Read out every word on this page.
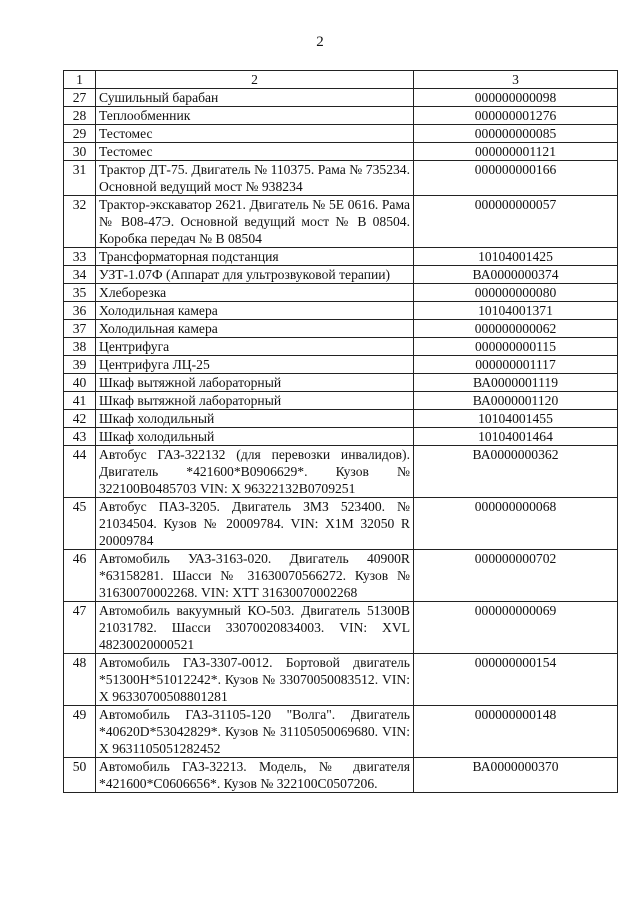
2
1	2	3
27	Сушильный барабан	000000000098
28	Теплообменник	000000001276
29	Тестомес	000000000085
30	Тестомес	000000001121
31	Трактор ДТ-75. Двигатель № 110375. Рама № 735234. Основной ведущий мост № 938234	000000000166
32	Трактор-экскаватор 2621. Двигатель № 5Е 0616. Рама № В08-47Э. Основной ведущий мост № В 08504. Коробка передач № В 08504	000000000057
33	Трансформаторная подстанция	10104001425
34	УЗТ-1.07Ф (Аппарат для ультрозвуковой терапии)	ВА0000000374
35	Хлеборезка	000000000080
36	Холодильная камера	10104001371
37	Холодильная камера	000000000062
38	Центрифуга	000000000115
39	Центрифуга ЛЦ-25	000000001117
40	Шкаф вытяжной лабораторный	ВА0000001119
41	Шкаф вытяжной лабораторный	ВА0000001120
42	Шкаф холодильный	10104001455
43	Шкаф холодильный	10104001464
44	Автобус ГАЗ-322132 (для перевозки инвалидов). Двигатель *421600*В0906629*. Кузов № 322100В0485703 VIN: Х 96322132В0709251	ВА0000000362
45	Автобус ПАЗ-3205. Двигатель ЗМЗ 523400. № 21034504. Кузов № 20009784. VIN: Х1М 32050 R 20009784	000000000068
46	Автомобиль УАЗ-3163-020. Двигатель 40900R *63158281. Шасси № 31630070566272. Кузов № 31630070002268. VIN: ХТТ 31630070002268	000000000702
47	Автомобиль вакуумный КО-503. Двигатель 51300В 21031782. Шасси 33070020834003. VIN: XVL 48230020000521	000000000069
48	Автомобиль ГАЗ-3307-0012. Бортовой двигатель *51300Н*51012242*. Кузов № 33070050083512. VIN: Х 96330700508801281	000000000154
49	Автомобиль ГАЗ-31105-120 "Волга". Двигатель *40620D*53042829*. Кузов № 31105050069680. VIN: Х 9631105051282452	000000000148
50	Автомобиль ГАЗ-32213. Модель, № двигателя *421600*С0606656*. Кузов № 322100С0507206.	ВА0000000370
